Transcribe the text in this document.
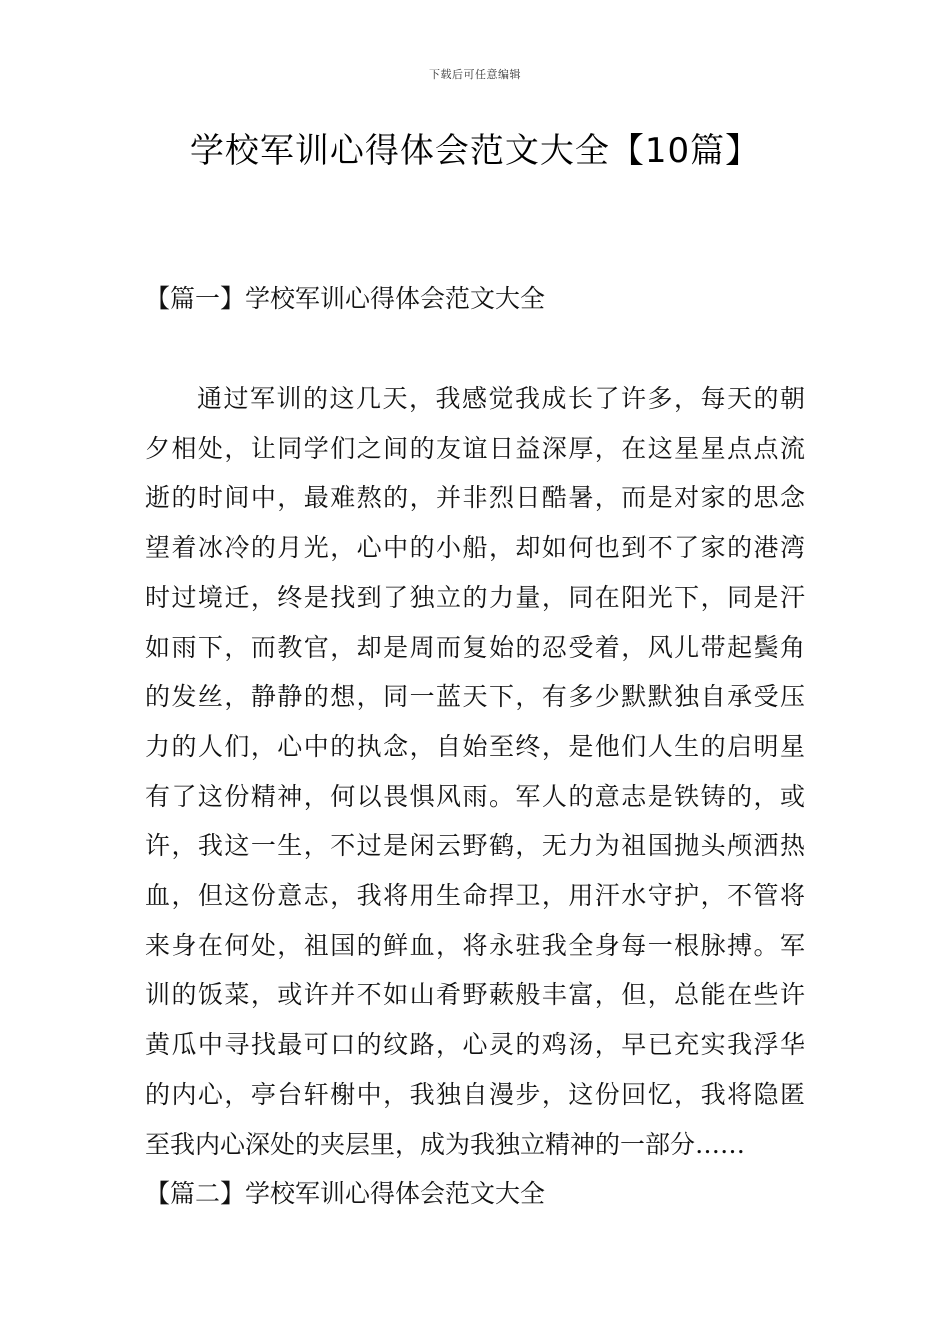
下载后可任意编辑
学校军训心得体会范文大全【10篇】
【篇一】学校军训心得体会范文大全
通过军训的这几天，我感觉我成长了许多，每天的朝
夕相处，让同学们之间的友谊日益深厚，在这星星点点流
逝的时间中，最难熬的，并非烈日酷暑，而是对家的思念
望着冰冷的月光，心中的小船，却如何也到不了家的港湾
时过境迁，终是找到了独立的力量，同在阳光下，同是汗
如雨下，而教官，却是周而复始的忍受着，风儿带起鬓角
的发丝，静静的想，同一蓝天下，有多少默默独自承受压
力的人们，心中的执念，自始至终，是他们人生的启明星
有了这份精神，何以畏惧风雨。军人的意志是铁铸的，或
许，我这一生，不过是闲云野鹤，无力为祖国抛头颅洒热
血，但这份意志，我将用生命捍卫，用汗水守护，不管将
来身在何处，祖国的鲜血，将永驻我全身每一根脉搏。军
训的饭菜，或许并不如山肴野蔌般丰富，但，总能在些许
黄瓜中寻找最可口的纹路，心灵的鸡汤，早已充实我浮华
的内心，亭台轩榭中，我独自漫步，这份回忆，我将隐匿
至我内心深处的夹层里，成为我独立精神的一部分……
【篇二】学校军训心得体会范文大全
